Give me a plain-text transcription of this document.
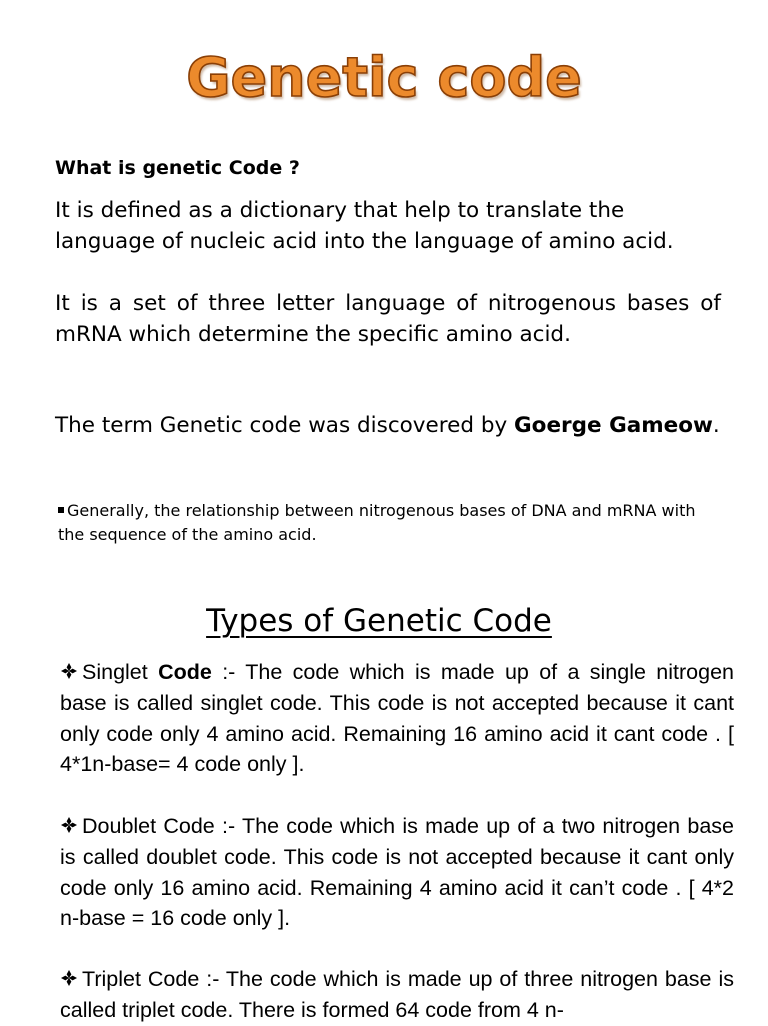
Genetic code
What is genetic Code ?

It is defined as a dictionary that help to translate the language of nucleic acid into the language of amino acid.

It is a set of three letter language of nitrogenous bases of mRNA which determine the specific amino acid.

The term Genetic code was discovered by Goerge Gameow.

Generally, the relationship between nitrogenous bases of DNA and mRNA with the sequence of the amino acid.

Types of Genetic Code

Singlet Code :- The code which is made up of a single nitrogen base is called singlet code. This code is not accepted because it cant only code only 4 amino acid. Remaining 16 amino acid it cant code . [ 4*1n-base= 4 code only ].

Doublet Code :- The code which is made up of a two nitrogen base is called doublet code. This code is not accepted because it cant only code only 16 amino acid. Remaining 4 amino acid it can’t code . [ 4*2 n-base = 16 code only ].

Triplet Code :- The code which is made up of three nitrogen base is called triplet code. There is formed 64 code from 4 n-
